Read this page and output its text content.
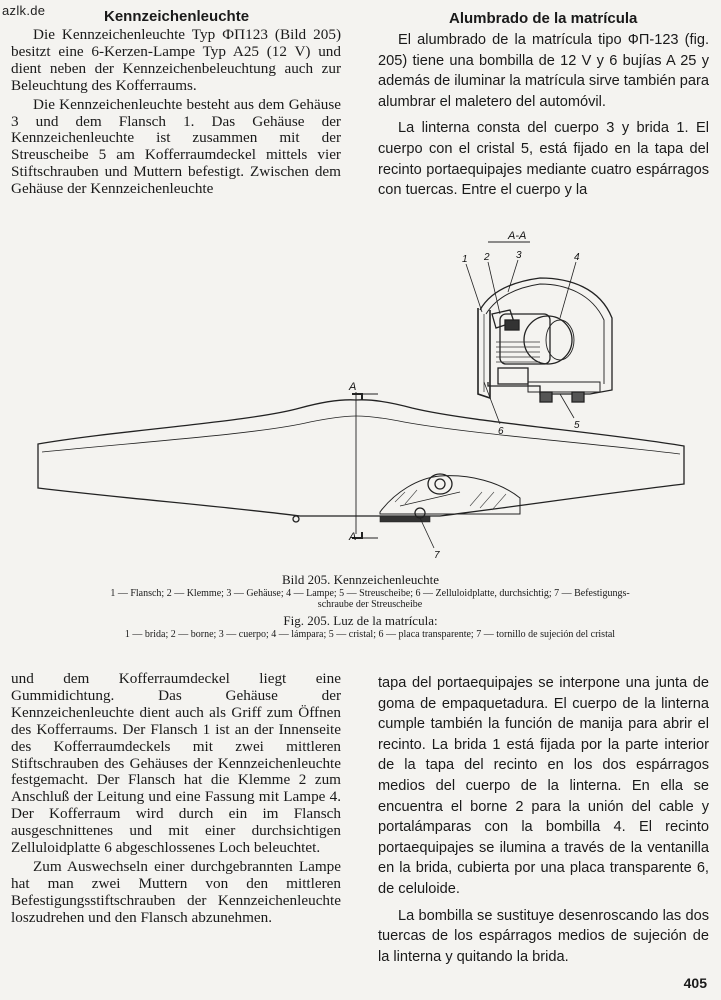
azlk.de	Kennzeichenleuchte

Die Kennzeichenleuchte Typ ФП123 (Bild 205) besitzt eine 6-Kerzen-Lampe Typ A25 (12 V) und dient neben der Kennzeichenbeleuchtung auch zur Beleuchtung des Kofferraums.

Die Kennzeichenleuchte besteht aus dem Gehäuse 3 und dem Flansch 1. Das Gehäuse der Kennzeichenleuchte ist zusammen mit der Streuscheibe 5 am Kofferraumdeckel mittels vier Stiftschrauben und Muttern befestigt. Zwischen dem Gehäuse der Kennzeichenleuchte

Alumbrado de la matrícula

El alumbrado de la matrícula tipo ФП-123 (fig. 205) tiene una bombilla de 12 V y 6 bujías A 25 y además de iluminar la matrícula sirve también para alumbrar el maletero del automóvil.

La linterna consta del cuerpo 3 y brida 1. El cuerpo con el cristal 5, está fijado en la tapa del recinto portaequipajes mediante cuatro espárragos con tuercas. Entre el cuerpo y la

A-A
A
A
1 2	3	4
5
6
7
Bild 205. Kennzeichenleuchte
1 — Flansch; 2 — Klemme; 3 — Gehäuse; 4 — Lampe; 5 — Streuscheibe; 6 — Zelluloidplatte, durchsichtig; 7 — Befestigungs-
schraube der Streuscheibe
Fig. 205. Luz de la matrícula:
1 — brida; 2 — borne; 3 — cuerpo; 4 — lámpara; 5 — cristal; 6 — placa transparente; 7 — tornillo de sujeción del cristal

und dem Kofferraumdeckel liegt eine Gummidichtung. Das Gehäuse der Kennzeichenleuchte dient auch als Griff zum Öffnen des Kofferraums. Der Flansch 1 ist an der Innenseite des Kofferraumdeckels mit zwei mittleren Stiftschrauben des Gehäuses der Kennzeichenleuchte festgemacht. Der Flansch hat die Klemme 2 zum Anschluß der Leitung und eine Fassung mit Lampe 4. Der Kofferraum wird durch ein im Flansch ausgeschnittenes und mit einer durchsichtigen Zelluloidplatte 6 abgeschlossenes Loch beleuchtet.

Zum Auswechseln einer durchgebrannten Lampe hat man zwei Muttern von den mittleren Befestigungsstiftschrauben der Kennzeichenleuchte loszudrehen und den Flansch abzunehmen.

tapa del portaequipajes se interpone una junta de goma de empaquetadura. El cuerpo de la linterna cumple también la función de manija para abrir el recinto. La brida 1 está fijada por la parte interior de la tapa del recinto en los dos espárragos medios del cuerpo de la linterna. En ella se encuentra el borne 2 para la unión del cable y portalámparas con la bombilla 4. El recinto portaequipajes se ilumina a través de la ventanilla en la brida, cubierta por una placa transparente 6, de celuloide.

La bombilla se sustituye desenroscando las dos tuercas de los espárragos medios de sujeción de la linterna y quitando la brida.

405
